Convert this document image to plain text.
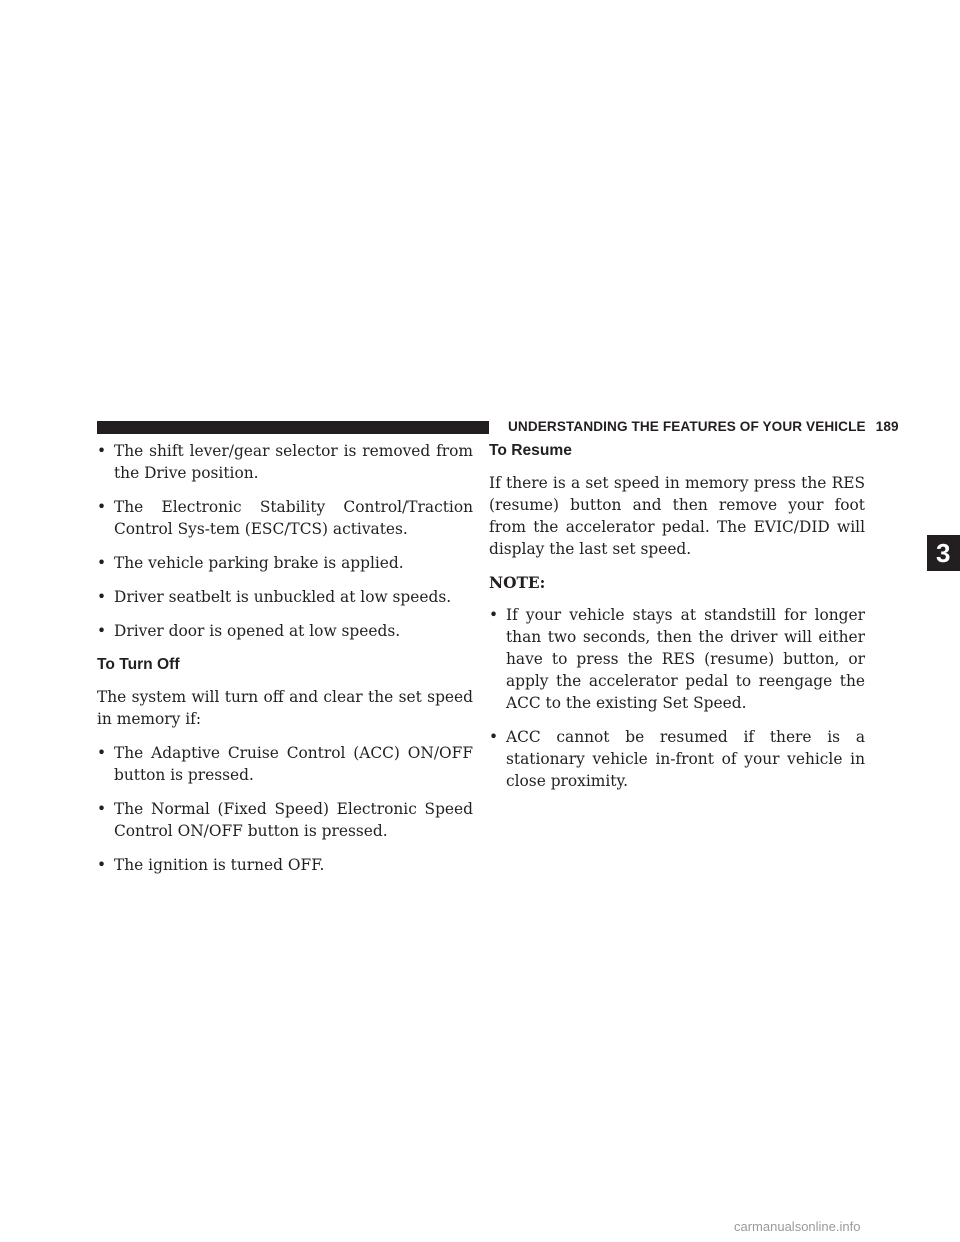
UNDERSTANDING THE FEATURES OF YOUR VEHICLE 189
• The shift lever/gear selector is removed from the Drive position.
• The Electronic Stability Control/Traction Control Sys-tem (ESC/TCS) activates.
• The vehicle parking brake is applied.
• Driver seatbelt is unbuckled at low speeds.
• Driver door is opened at low speeds.
To Turn Off

The system will turn off and clear the set speed in memory if:

• The Adaptive Cruise Control (ACC) ON/OFF button is pressed.
• The Normal (Fixed Speed) Electronic Speed Control ON/OFF button is pressed.
• The ignition is turned OFF.
To Resume

If there is a set speed in memory press the RES (resume) button and then remove your foot from the accelerator pedal. The EVIC/DID will display the last set speed.

NOTE:

• If your vehicle stays at standstill for longer than two seconds, then the driver will either have to press the RES (resume) button, or apply the accelerator pedal to reengage the ACC to the existing Set Speed.
• ACC cannot be resumed if there is a stationary vehicle in-front of your vehicle in close proximity.
3
carmanualsonline.info
